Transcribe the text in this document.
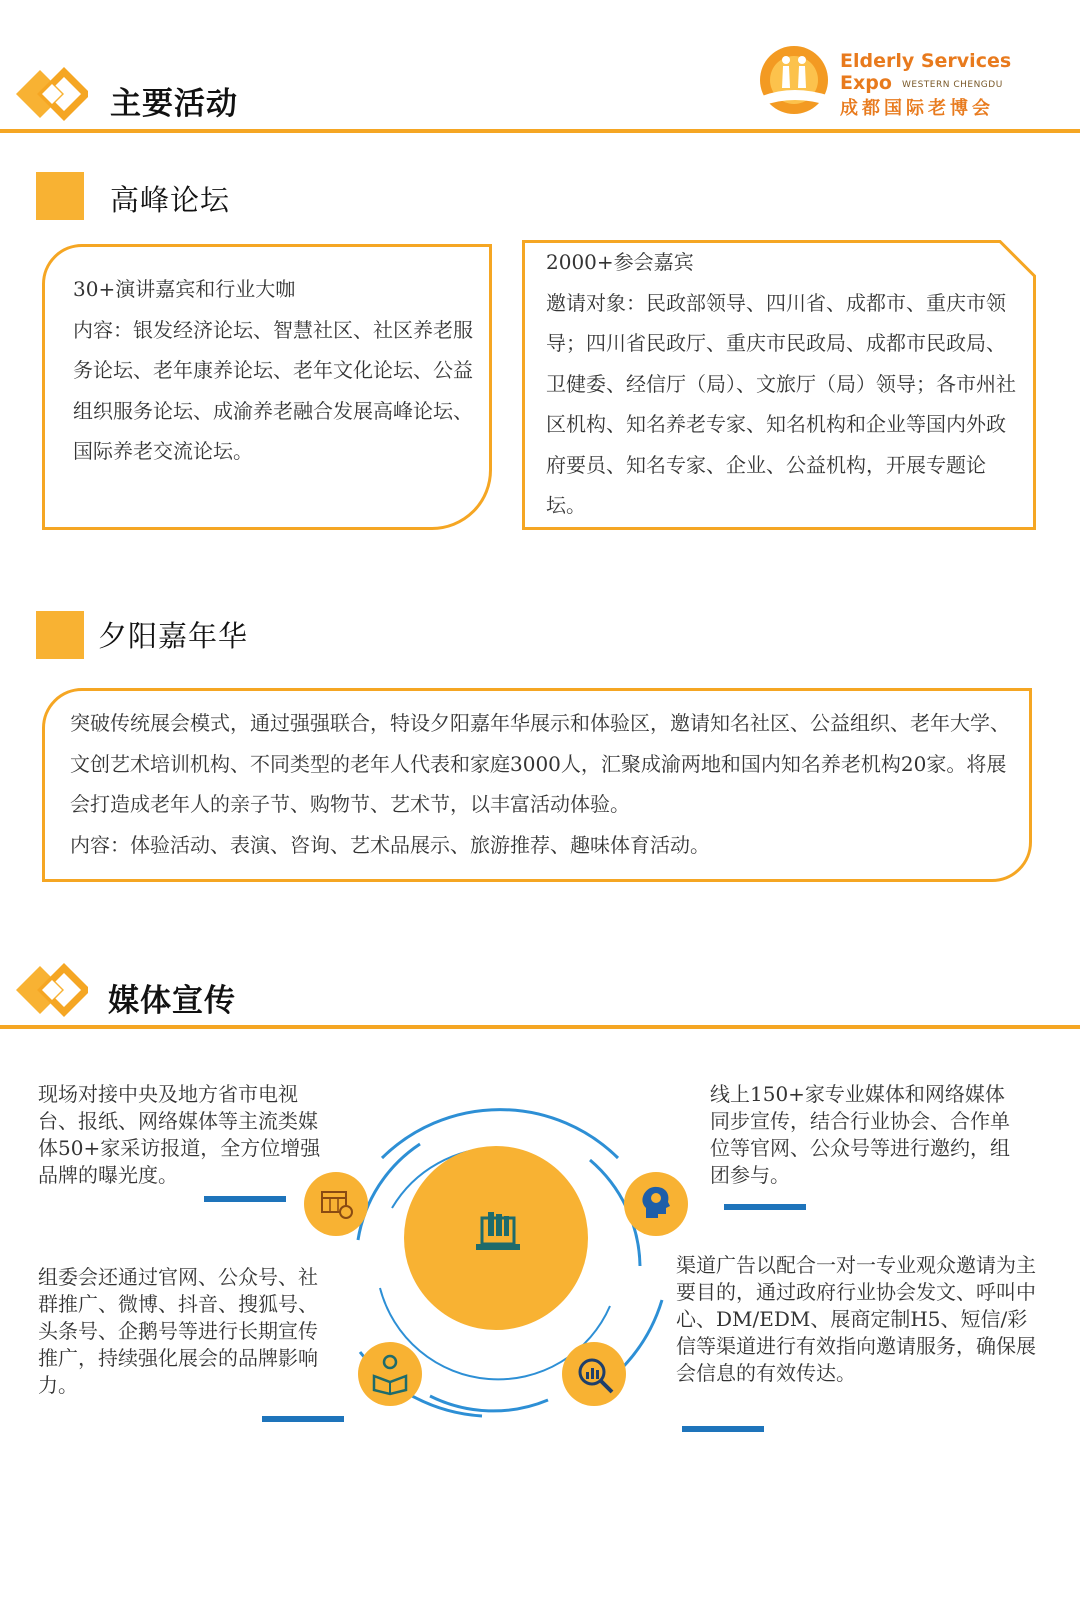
主要活动
Elderly Services
Expo WESTERN CHENGDU
成都国际老博会
高峰论坛

30+演讲嘉宾和行业大咖

内容：银发经济论坛、智慧社区、社区养老服务论坛、老年康养论坛、老年文化论坛、公益组织服务论坛、成渝养老融合发展高峰论坛、国际养老交流论坛。

2000+参会嘉宾

邀请对象：民政部领导、四川省、成都市、重庆市领导；四川省民政厅、重庆市民政局、成都市民政局、卫健委、经信厅（局）、文旅厅（局）领导；各市州社区机构、知名养老专家、知名机构和企业等国内外政府要员、知名专家、企业、公益机构，开展专题论坛。

夕阳嘉年华

突破传统展会模式，通过强强联合，特设夕阳嘉年华展示和体验区，邀请知名社区、公益组织、老年大学、文创艺术培训机构、不同类型的老年人代表和家庭3000人，汇聚成渝两地和国内知名养老机构20家。将展会打造成老年人的亲子节、购物节、艺术节，以丰富活动体验。

内容：体验活动、表演、咨询、艺术品展示、旅游推荐、趣味体育活动。

媒体宣传
现场对接中央及地方省市电视台、报纸、网络媒体等主流类媒体50+家采访报道，全方位增强品牌的曝光度。
线上150+家专业媒体和网络媒体同步宣传，结合行业协会、合作单位等官网、公众号等进行邀约，组团参与。
组委会还通过官网、公众号、社群推广、微博、抖音、搜狐号、头条号、企鹅号等进行长期宣传推广，持续强化展会的品牌影响力。
渠道广告以配合一对一专业观众邀请为主要目的，通过政府行业协会发文、呼叫中心、DM/EDM、展商定制H5、短信/彩信等渠道进行有效指向邀请服务，确保展会信息的有效传达。
